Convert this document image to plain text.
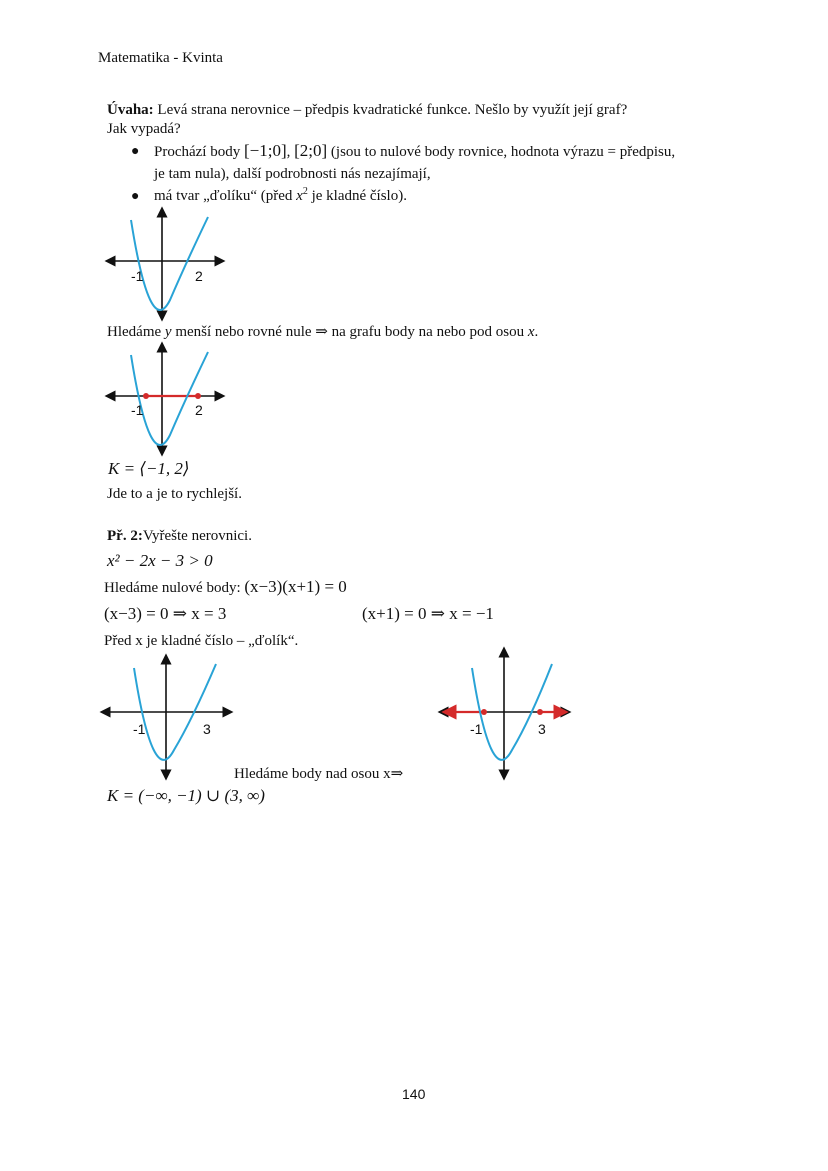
Matematika - Kvinta
Úvaha: Levá strana nerovnice – předpis kvadratické funkce. Nešlo by využít její graf?
Jak vypadá?
● Prochází body [−1;0], [2;0] (jsou to nulové body rovnice, hodnota výrazu = předpisu,
je tam nula), další podrobnosti nás nezajímají,
● má tvar „ďolíku“ (před $x^2$ je kladné číslo).
-1	2
-1	2
-1	3	-1	3
Hledáme y menší nebo rovné nule ⇒ na grafu body na nebo pod osou x.
K = ⟨−1, 2⟩
Jde to a je to rychlejší.
Př. 2:Vyřešte nerovnici.
x² − 2x − 3 > 0
Hledáme nulové body: (x−3)(x+1) = 0
(x−3) = 0 ⇒ x = 3	(x+1) = 0 ⇒ x = −1
Před x je kladné číslo – „ďolík“.
Hledáme body nad osou x⇒
K = (−∞, −1) ∪ (3, ∞)
140
